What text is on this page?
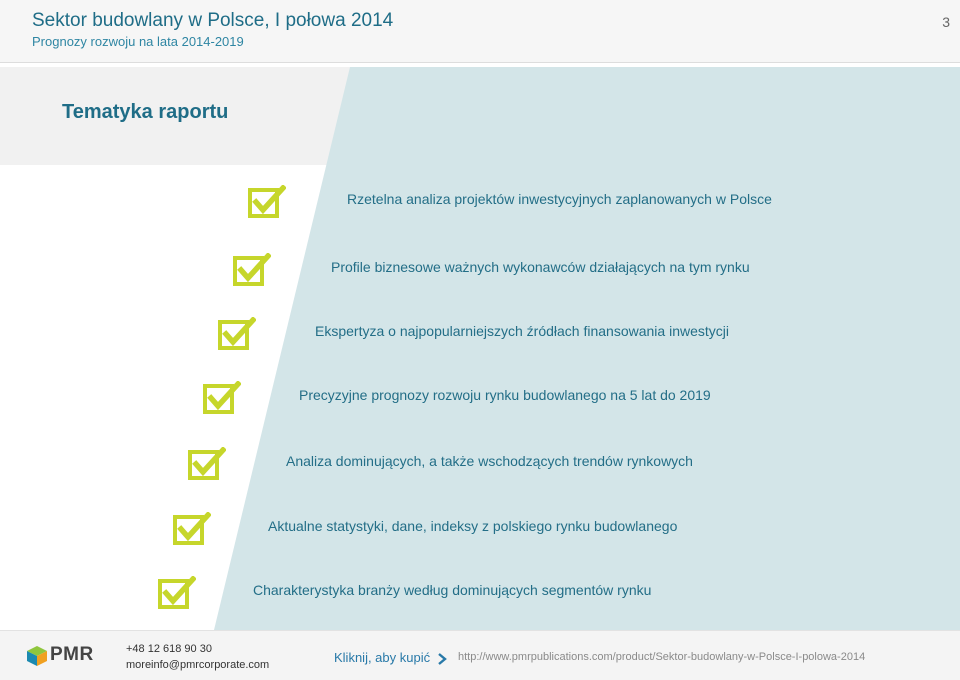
Sektor budowlany w Polsce, I połowa 2014
Prognozy rozwoju na lata 2014-2019
3
Tematyka raportu
Rzetelna analiza projektów inwestycyjnych zaplanowanych w Polsce
Profile biznesowe ważnych wykonawców działających na tym rynku
Ekspertyza o najpopularniejszych źródłach finansowania inwestycji
Precyzyjne prognozy rozwoju rynku budowlanego na 5 lat do 2019
Analiza dominujących, a także wschodzących trendów rynkowych
Aktualne statystyki, dane, indeksy z polskiego rynku budowlanego
Charakterystyka branży według dominujących segmentów rynku
PMR	+48 12 618 90 30
moreinfo@pmrcorporate.com	Kliknij, aby kupić	http://www.pmrpublications.com/product/Sektor-budowlany-w-Polsce-I-polowa-2014
